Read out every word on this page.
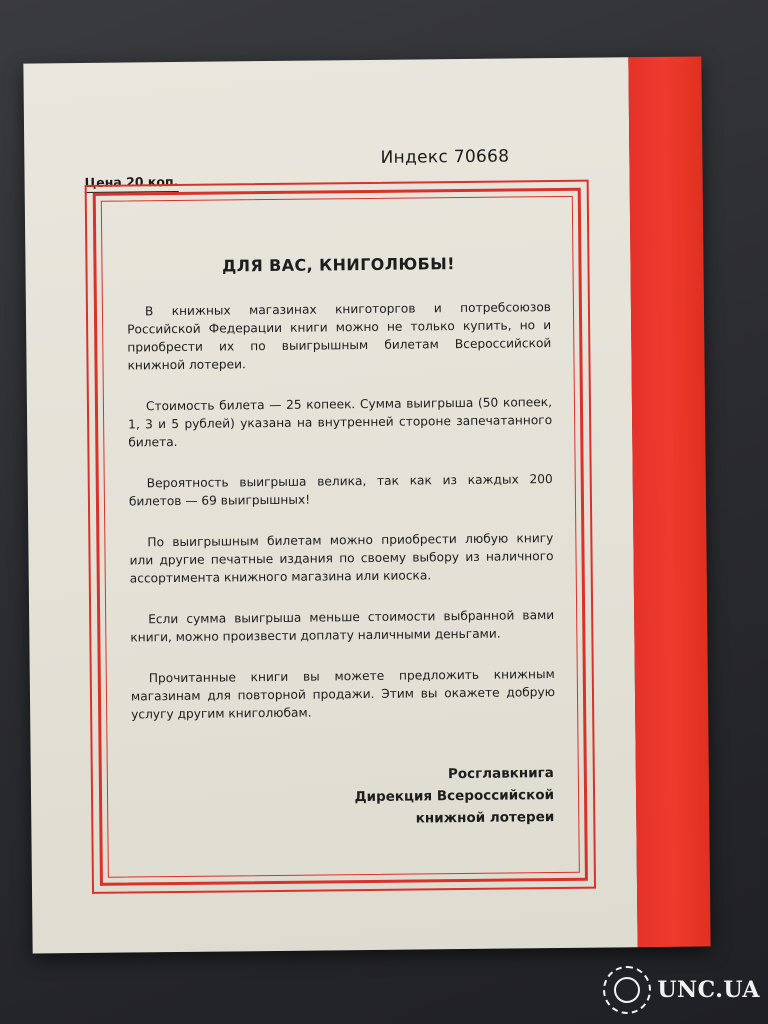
Индекс 70668
Цена 20 коп.
ДЛЯ ВАС, КНИГОЛЮБЫ!

В книжных магазинах книготоргов и потребсоюзов Российской Федерации книги можно не только купить, но и приобрести их по выигрышным билетам Всероссийской книжной лотереи.

Стоимость билета — 25 копеек. Сумма выигрыша (50 копеек, 1, 3 и 5 рублей) указана на внутренней стороне запечатанного билета.

Вероятность выигрыша велика, так как из каждых 200 билетов — 69 выигрышных!

По выигрышным билетам можно приобрести любую книгу или другие печатные издания по своему выбору из наличного ассортимента книжного магазина или киоска.

Если сумма выигрыша меньше стоимости выбранной вами книги, можно произвести доплату наличными деньгами.

Прочитанные книги вы можете предложить книжным магазинам для повторной продажи. Этим вы окажете добрую услугу другим книголюбам.

Росглавкнига
Дирекция Всероссийской
книжной лотереи
UNC.UA
